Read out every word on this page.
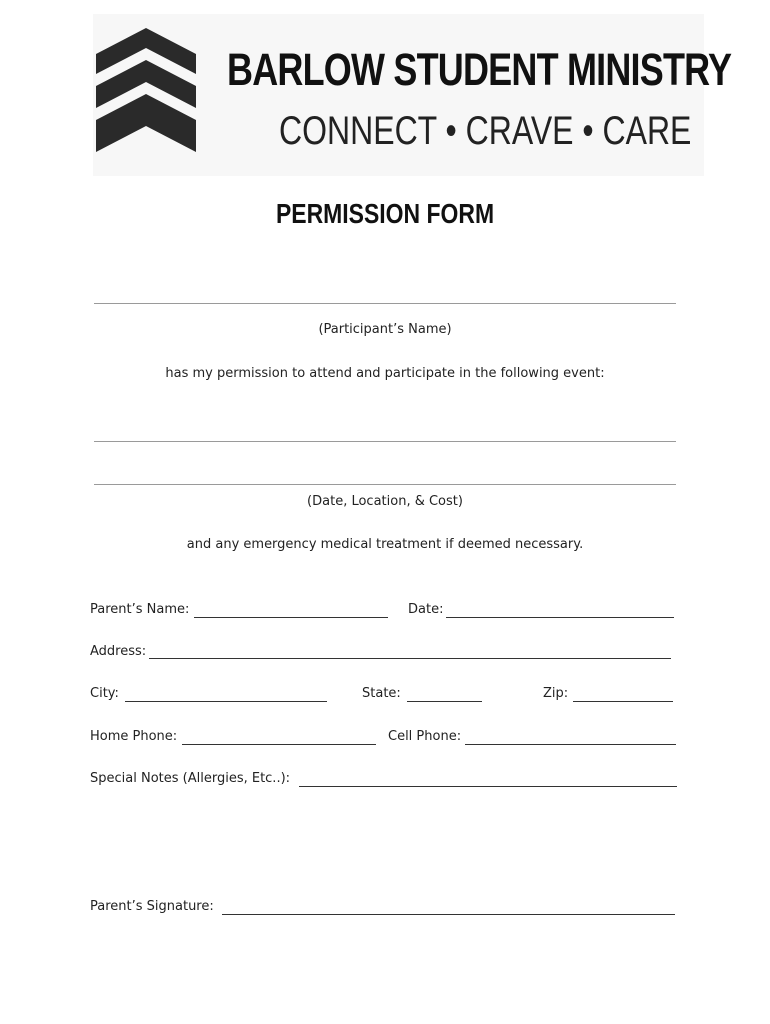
BARLOW STUDENT MINISTRY
CONNECT • CRAVE • CARE
PERMISSION FORM
(Participant’s Name)
has my permission to attend and participate in the following event:
(Date, Location, & Cost)
and any emergency medical treatment if deemed necessary.
Parent’s Name:	Date:
Address:
City:	State:	Zip:
Home Phone:	Cell Phone:
Special Notes (Allergies, Etc..):
Parent’s Signature:
